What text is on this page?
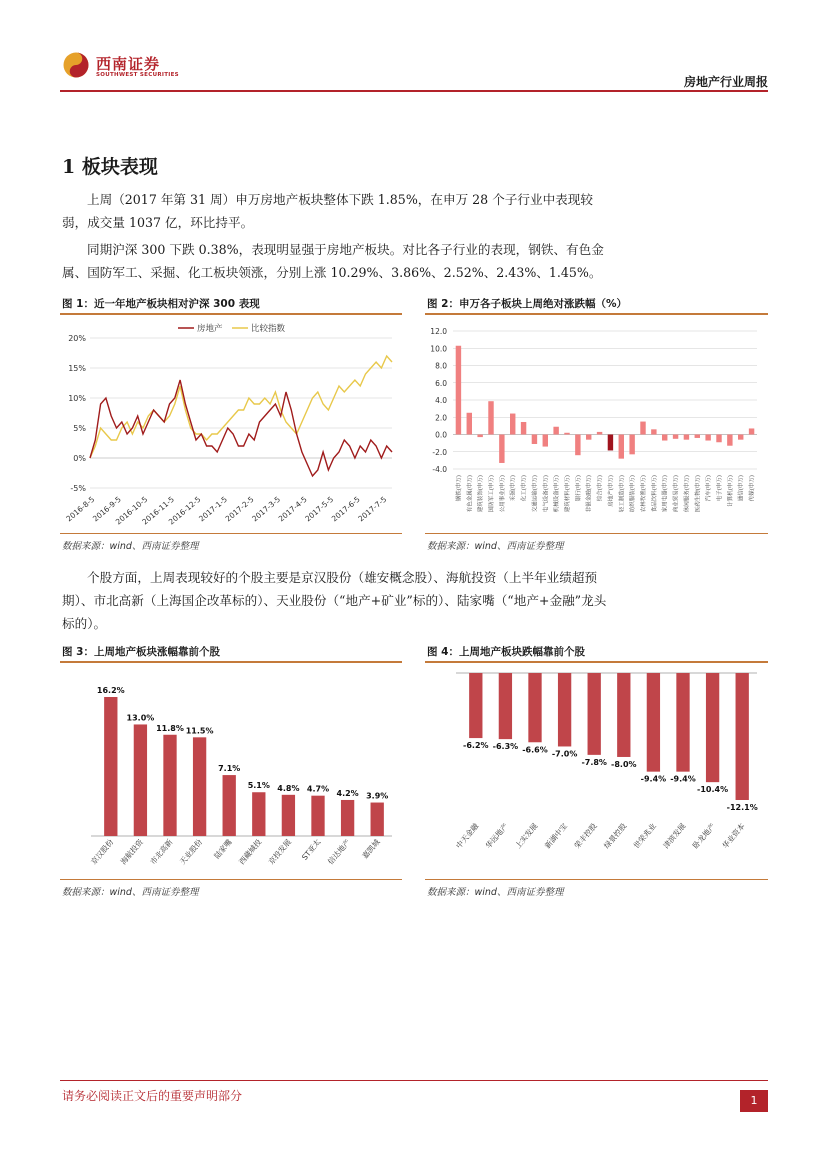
西南证券
SOUTHWEST SECURITIES	房地产行业周报
1 板块表现

上周（2017 年第 31 周）申万房地产板块整体下跌 1.85%，在申万 28 个子行业中表现较弱，成交量 1037 亿，环比持平。

同期沪深 300 下跌 0.38%，表现明显强于房地产板块。对比各子行业的表现，钢铁、有色金属、国防军工、采掘、化工板块领涨，分别上涨 10.29%、3.86%、2.52%、2.43%、1.45%。

图 1：近一年地产板块相对沪深 300 表现	图 2：申万各子板块上周绝对涨跌幅（%）
房地产	比较指数
20%
15%
10%
5%
0%
-5%
2016-8-5
2016-9-5
2016-10-5
2016-11-5
2016-12-5
2017-1-5
2017-2-5
2017-3-5
2017-4-5
2017-5-5
2017-6-5
2017-7-5
12.0
10.0
8.0
6.0
4.0
2.0
0.0
-2.0
-4.0
钢铁(申万) 有色金属(申万) 建筑装饰(申万) 国防军工(申万) 公用事业(申万) 采掘(申万) 化工(申万) 交通运输(申万) 电气设备(申万) 机械设备(申万) 建筑材料(申万) 银行(申万) 非银金融(申万) 综合(申万) 房地产(申万) 轻工制造(申万) 纺织服装(申万) 农林牧渔(申万) 食品饮料(申万) 家用电器(申万) 商业贸易(申万) 休闲服务(申万) 医药生物(申万) 汽车(申万) 电子(申万) 计算机(申万) 通信(申万) 传媒(申万)
数据来源：wind、西南证券整理	数据来源：wind、西南证券整理

个股方面，上周表现较好的个股主要是京汉股份（雄安概念股）、海航投资（上半年业绩超预期）、市北高新（上海国企改革标的）、天业股份（“地产+矿业”标的）、陆家嘴（“地产+金融”龙头标的）。

图 3：上周地产板块涨幅靠前个股	图 4：上周地产板块跌幅靠前个股
16.2%
京汉股份
13.0%
海航投资
11.8%
市北高新
11.5%
天业股份
7.1%
陆家嘴
5.1%
西藏城投
4.8%
京投发展
4.7%
ST亚太
4.2%
信达地产
3.9%
嘉凯城
-6.2%
中天金融
-6.3%
华远地产
-6.6%
上实发展
-7.0%
新湖中宝
-7.8%
荣丰控股
-8.0%
绿景控股
-9.4%
世荣兆业
-9.4%
津滨发展
-10.4%
卧龙地产
-12.1%
华业资本
数据来源：wind、西南证券整理	数据来源：wind、西南证券整理
请务必阅读正文后的重要声明部分	1
